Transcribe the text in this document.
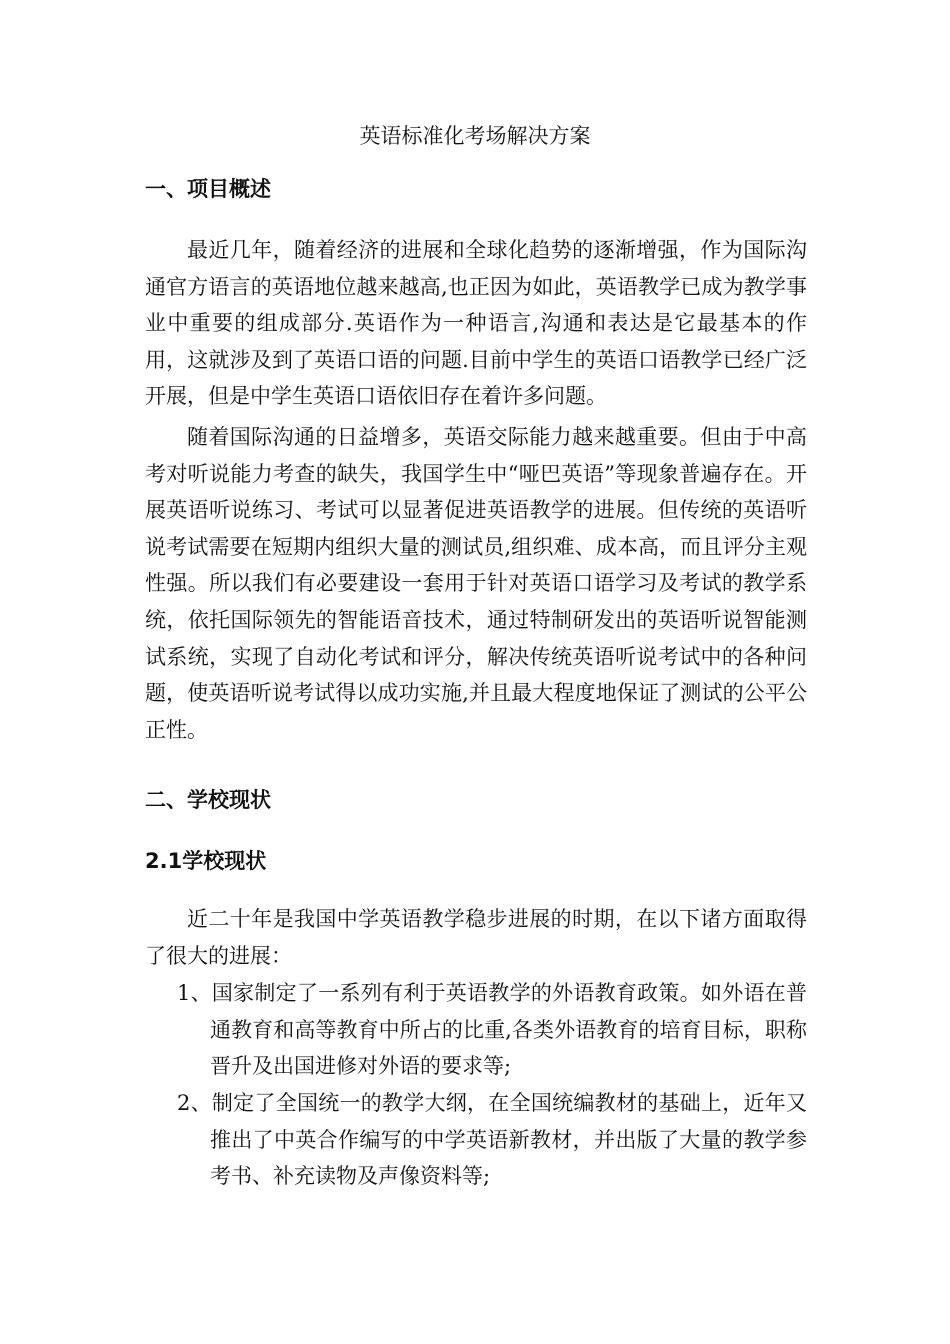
英语标准化考场解决方案
一、项目概述
最近几年，随着经济的进展和全球化趋势的逐渐增强，作为国际沟通官方语言的英语地位越来越高,也正因为如此，英语教学已成为教学事业中重要的组成部分.英语作为一种语言,沟通和表达是它最基本的作用，这就涉及到了英语口语的问题.目前中学生的英语口语教学已经广泛开展，但是中学生英语口语依旧存在着许多问题。
随着国际沟通的日益增多，英语交际能力越来越重要。但由于中高考对听说能力考查的缺失，我国学生中“哑巴英语”等现象普遍存在。开展英语听说练习、考试可以显著促进英语教学的进展。但传统的英语听说考试需要在短期内组织大量的测试员,组织难、成本高，而且评分主观性强。所以我们有必要建设一套用于针对英语口语学习及考试的教学系统，依托国际领先的智能语音技术，通过特制研发出的英语听说智能测试系统，实现了自动化考试和评分，解决传统英语听说考试中的各种问题，使英语听说考试得以成功实施,并且最大程度地保证了测试的公平公正性。
二、学校现状
2.1学校现状
近二十年是我国中学英语教学稳步进展的时期，在以下诸方面取得了很大的进展：
1、国家制定了一系列有利于英语教学的外语教育政策。如外语在普通教育和高等教育中所占的比重,各类外语教育的培育目标，职称晋升及出国进修对外语的要求等;
2、制定了全国统一的教学大纲，在全国统编教材的基础上，近年又推出了中英合作编写的中学英语新教材，并出版了大量的教学参考书、补充读物及声像资料等;
